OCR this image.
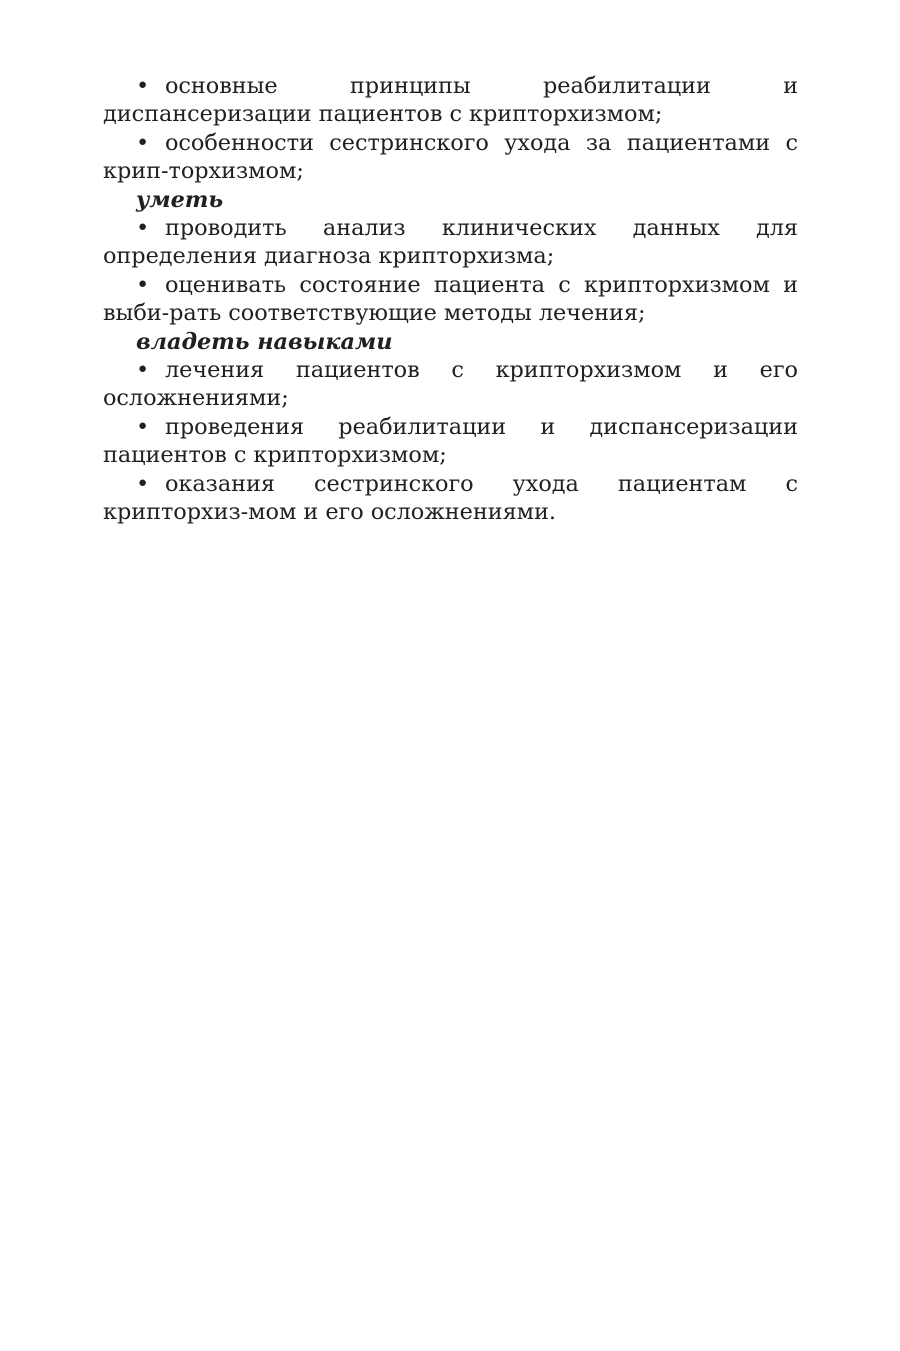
• основные принципы реабилитации и диспансеризации пациентов с крипторхизмом;

• особенности сестринского ухода за пациентами с крип-торхизмом;

уметь

• проводить анализ клинических данных для определения диагноза крипторхизма;

• оценивать состояние пациента с крипторхизмом и выби-рать соответствующие методы лечения;

владеть навыками

• лечения пациентов с крипторхизмом и его осложнениями;

• проведения реабилитации и диспансеризации пациентов с крипторхизмом;

• оказания сестринского ухода пациентам с крипторхиз-мом и его осложнениями.
